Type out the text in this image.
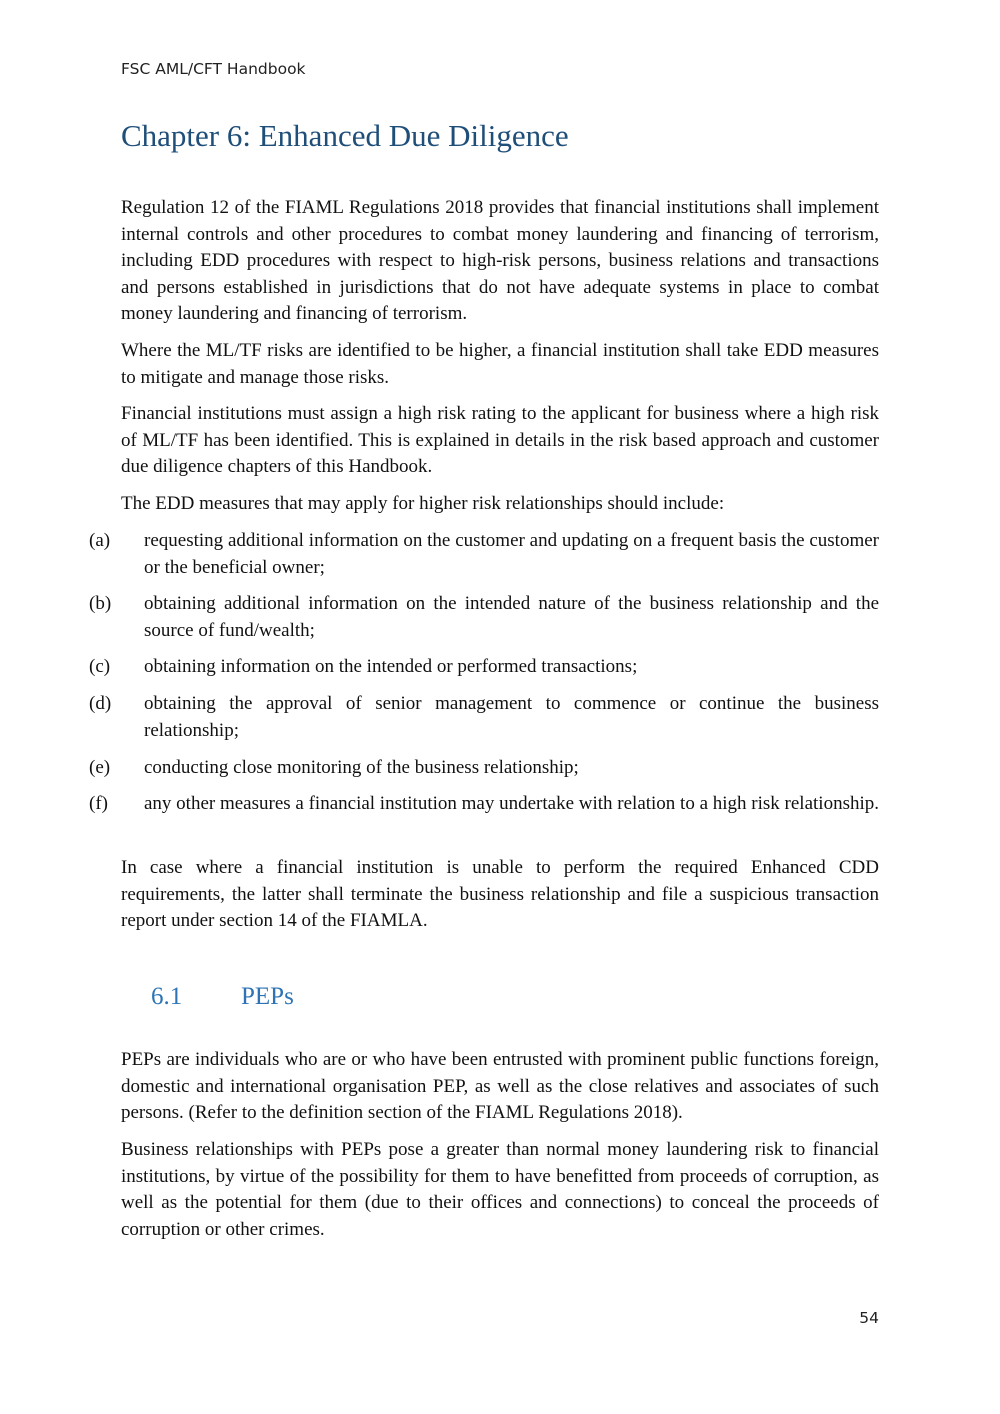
FSC AML/CFT Handbook
Chapter 6: Enhanced Due Diligence

Regulation 12 of the FIAML Regulations 2018 provides that financial institutions shall implement internal controls and other procedures to combat money laundering and financing of terrorism, including EDD procedures with respect to high-risk persons, business relations and transactions and persons established in jurisdictions that do not have adequate systems in place to combat money laundering and financing of terrorism.

Where the ML/TF risks are identified to be higher, a financial institution shall take EDD measures to mitigate and manage those risks.

Financial institutions must assign a high risk rating to the applicant for business where a high risk of ML/TF has been identified. This is explained in details in the risk based approach and customer due diligence chapters of this Handbook.

The EDD measures that may apply for higher risk relationships should include:

(a)	requesting additional information on the customer and updating on a frequent basis the customer or the beneficial owner;
(b)	obtaining additional information on the intended nature of the business relationship and the source of fund/wealth;
(c)	obtaining information on the intended or performed transactions;
(d)	obtaining the approval of senior management to commence or continue the business relationship;
(e)	conducting close monitoring of the business relationship;
(f)	any other measures a financial institution may undertake with relation to a high risk relationship.

In case where a financial institution is unable to perform the required Enhanced CDD requirements, the latter shall terminate the business relationship and file a suspicious transaction report under section 14 of the FIAMLA.

6.1 PEPs

PEPs are individuals who are or who have been entrusted with prominent public functions foreign, domestic and international organisation PEP, as well as the close relatives and associates of such persons. (Refer to the definition section of the FIAML Regulations 2018).

Business relationships with PEPs pose a greater than normal money laundering risk to financial institutions, by virtue of the possibility for them to have benefitted from proceeds of corruption, as well as the potential for them (due to their offices and connections) to conceal the proceeds of corruption or other crimes.

54
